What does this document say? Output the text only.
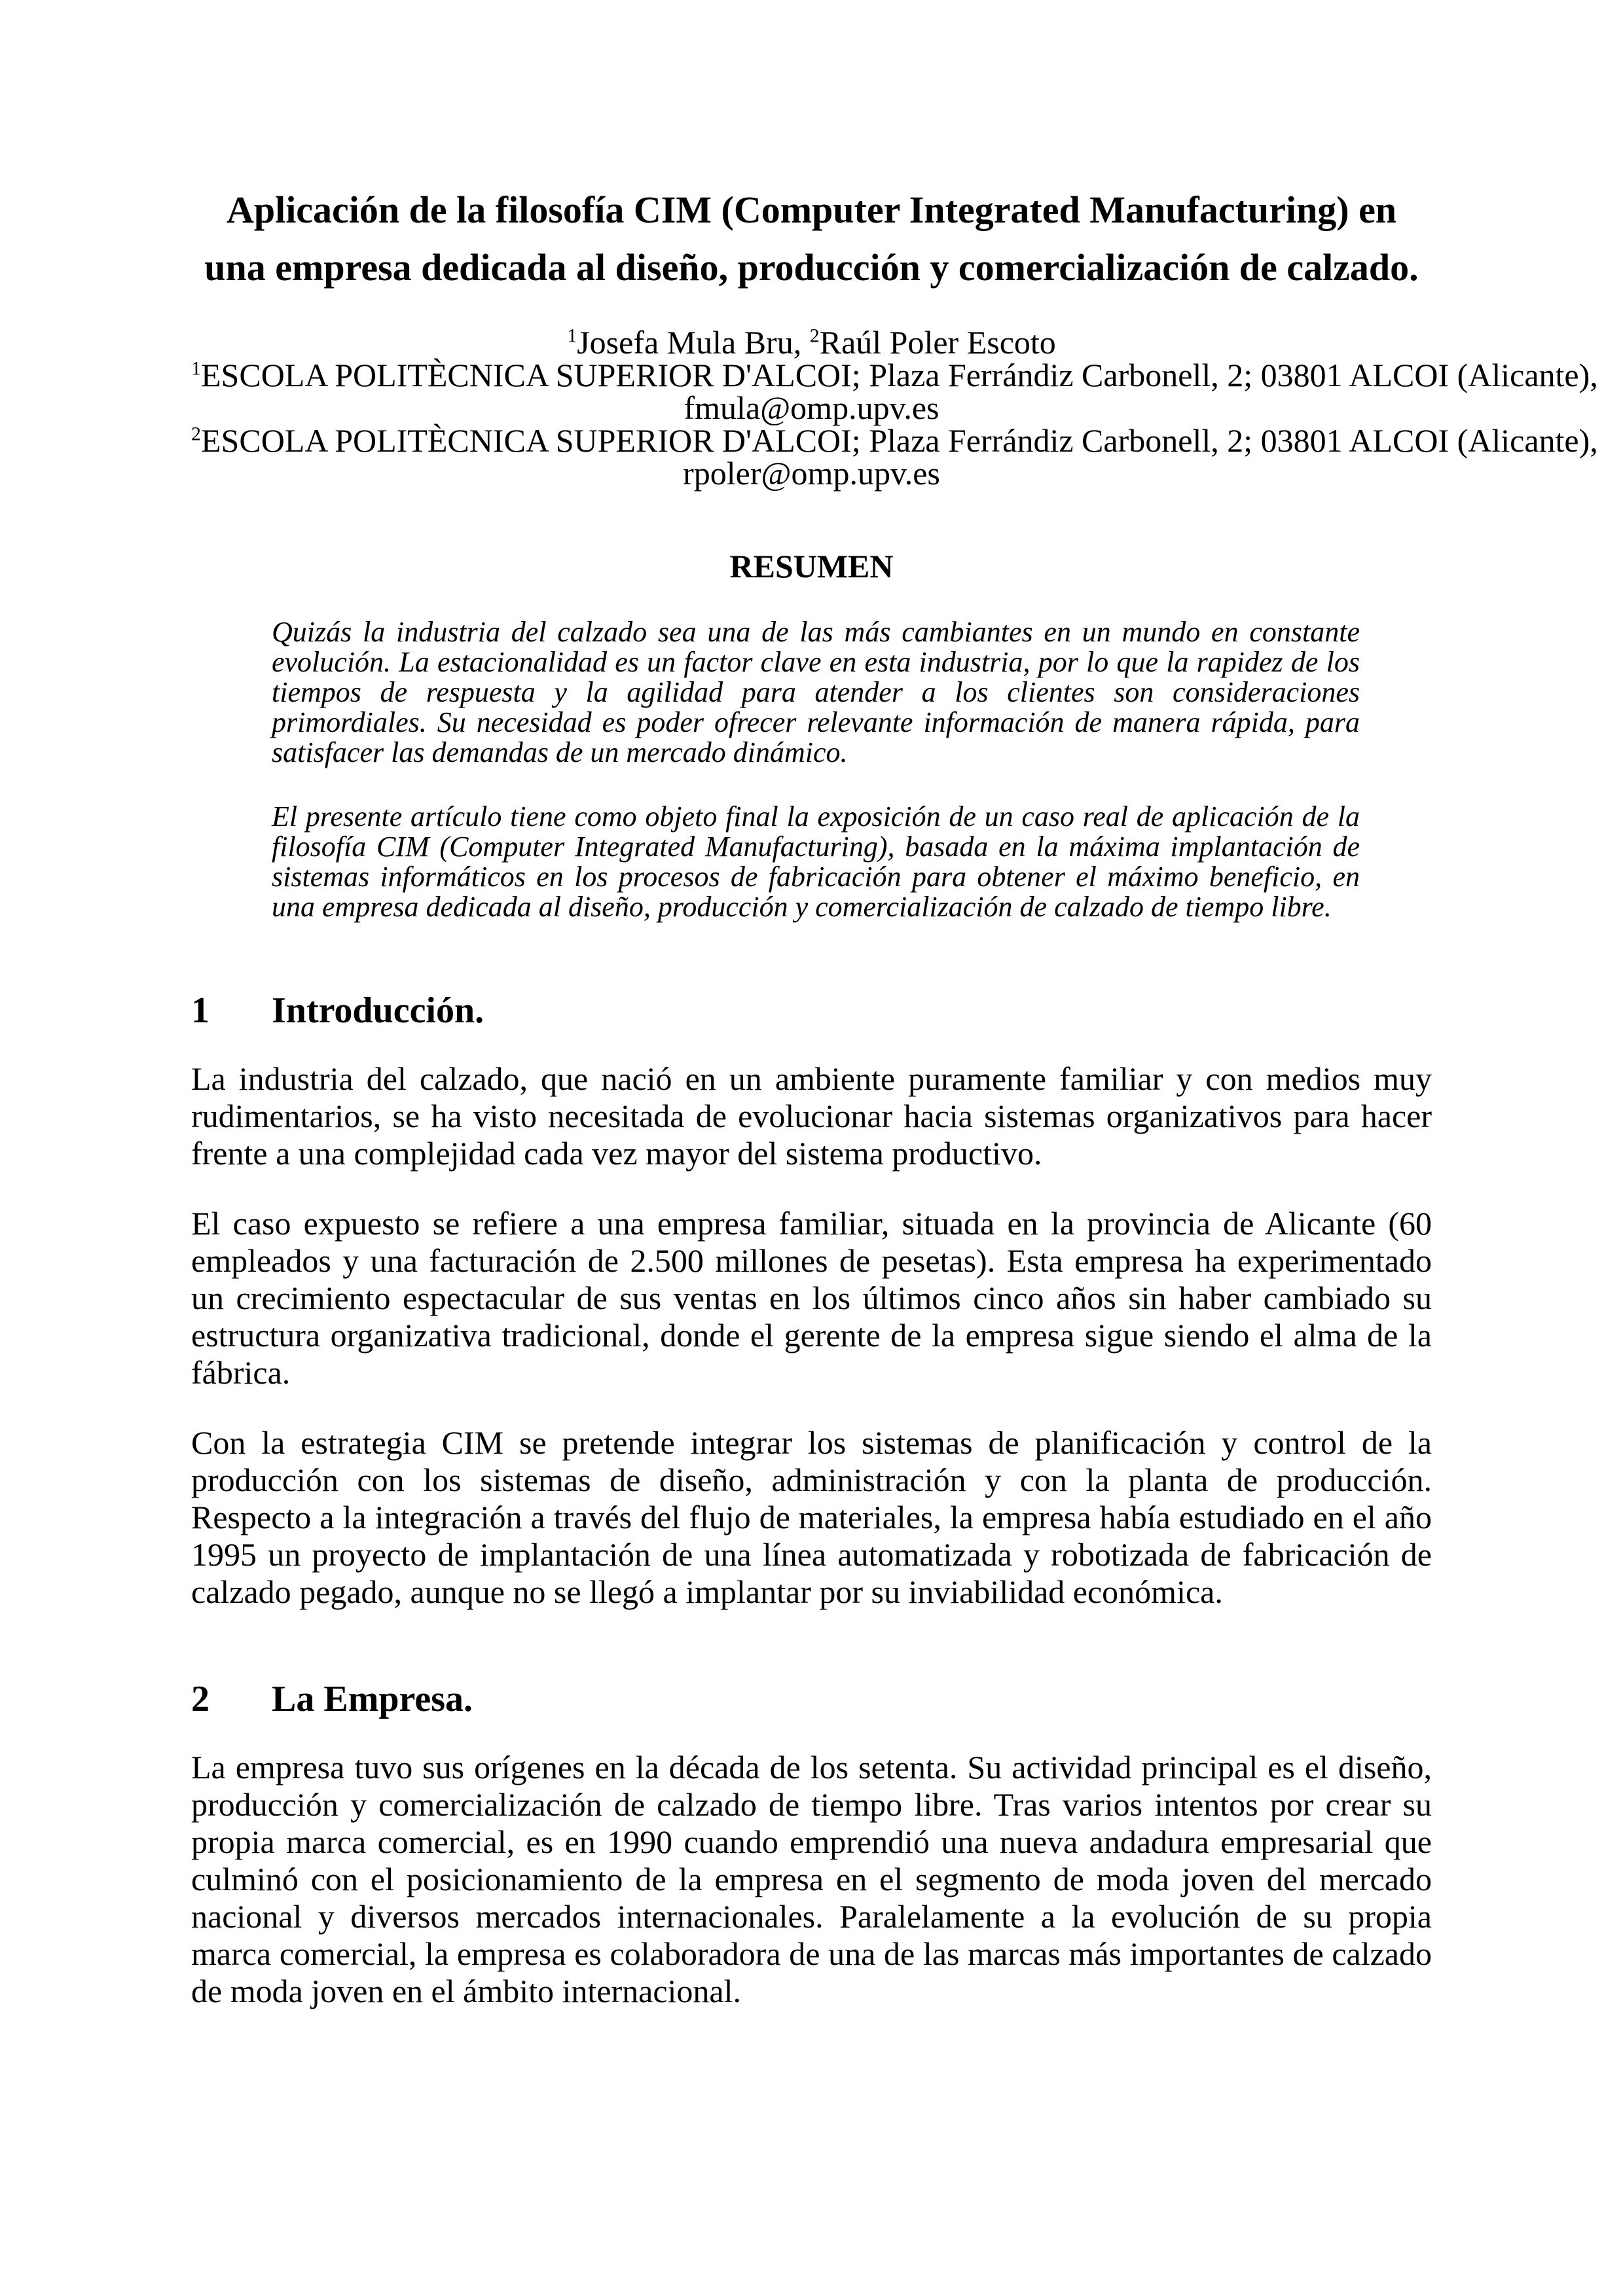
Aplicación de la filosofía CIM (Computer Integrated Manufacturing) en
una empresa dedicada al diseño, producción y comercialización de calzado.

$^1$Josefa Mula Bru, $^2$Raúl Poler Escoto

$^1$ESCOLA POLITÈCNICA SUPERIOR D'ALCOI; Plaza Ferrándiz Carbonell, 2; 03801 ALCOI (Alicante),

fmula@omp.upv.es

$^2$ESCOLA POLITÈCNICA SUPERIOR D'ALCOI; Plaza Ferrándiz Carbonell, 2; 03801 ALCOI (Alicante),

rpoler@omp.upv.es

RESUMEN

Quizás la industria del calzado sea una de las más cambiantes en un mundo en constante evolución. La estacionalidad es un factor clave en esta industria, por lo que la rapidez de los tiempos de respuesta y la agilidad para atender a los clientes son consideraciones primordiales. Su necesidad es poder ofrecer relevante información de manera rápida, para satisfacer las demandas de un mercado dinámico.

El presente artículo tiene como objeto final la exposición de un caso real de aplicación de la filosofía CIM (Computer Integrated Manufacturing), basada en la máxima implantación de sistemas informáticos en los procesos de fabricación para obtener el máximo beneficio, en una empresa dedicada al diseño, producción y comercialización de calzado de tiempo libre.

1 Introducción.

La industria del calzado, que nació en un ambiente puramente familiar y con medios muy rudimentarios, se ha visto necesitada de evolucionar hacia sistemas organizativos para hacer frente a una complejidad cada vez mayor del sistema productivo.

El caso expuesto se refiere a una empresa familiar, situada en la provincia de Alicante (60 empleados y una facturación de 2.500 millones de pesetas). Esta empresa ha experimentado un crecimiento espectacular de sus ventas en los últimos cinco años sin haber cambiado su estructura organizativa tradicional, donde el gerente de la empresa sigue siendo el alma de la fábrica.

Con la estrategia CIM se pretende integrar los sistemas de planificación y control de la producción con los sistemas de diseño, administración y con la planta de producción. Respecto a la integración a través del flujo de materiales, la empresa había estudiado en el año 1995 un proyecto de implantación de una línea automatizada y robotizada de fabricación de calzado pegado, aunque no se llegó a implantar por su inviabilidad económica.

2 La Empresa.

La empresa tuvo sus orígenes en la década de los setenta. Su actividad principal es el diseño, producción y comercialización de calzado de tiempo libre. Tras varios intentos por crear su propia marca comercial, es en 1990 cuando emprendió una nueva andadura empresarial que culminó con el posicionamiento de la empresa en el segmento de moda joven del mercado nacional y diversos mercados internacionales. Paralelamente a la evolución de su propia marca comercial, la empresa es colaboradora de una de las marcas más importantes de calzado de moda joven en el ámbito internacional.
